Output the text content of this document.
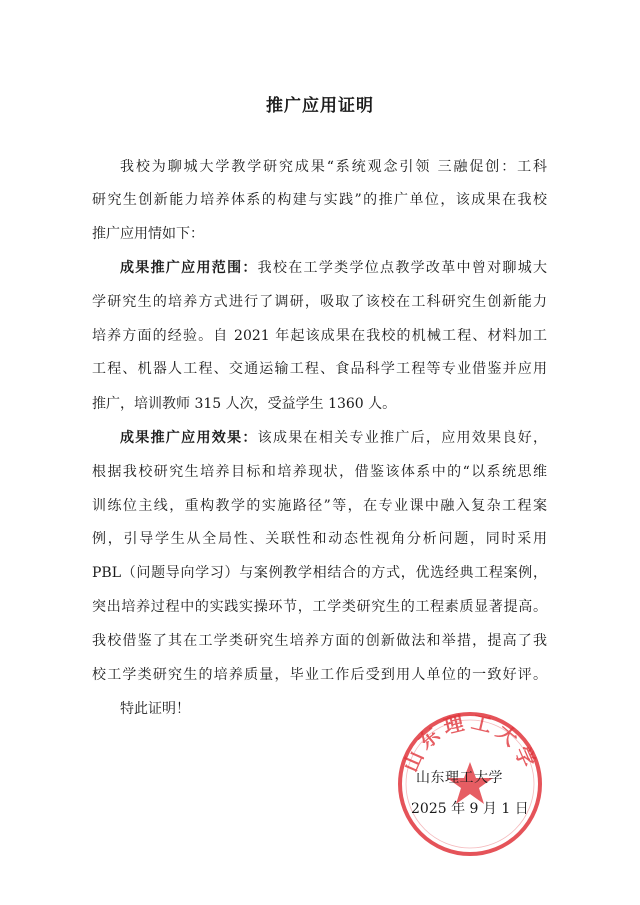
推广应用证明
我校为聊城大学教学研究成果“系统观念引领 三融促创：工科
研究生创新能力培养体系的构建与实践”的推广单位，该成果在我校
推广应用情如下：
成果推广应用范围：我校在工学类学位点教学改革中曾对聊城大
学研究生的培养方式进行了调研，吸取了该校在工科研究生创新能力
培养方面的经验。自 2021 年起该成果在我校的机械工程、材料加工
工程、机器人工程、交通运输工程、食品科学工程等专业借鉴并应用
推广，培训教师 315 人次，受益学生 1360 人。
成果推广应用效果：该成果在相关专业推广后，应用效果良好，
根据我校研究生培养目标和培养现状，借鉴该体系中的“以系统思维
训练位主线，重构教学的实施路径”等，在专业课中融入复杂工程案
例，引导学生从全局性、关联性和动态性视角分析问题，同时采用
PBL（问题导向学习）与案例教学相结合的方式，优选经典工程案例，
突出培养过程中的实践实操环节，工学类研究生的工程素质显著提高。
我校借鉴了其在工学类研究生培养方面的创新做法和举措，提高了我
校工学类研究生的培养质量，毕业工作后受到用人单位的一致好评。
特此证明！
山东理工大学
山东理工大学
2025 年 9 月 1 日
